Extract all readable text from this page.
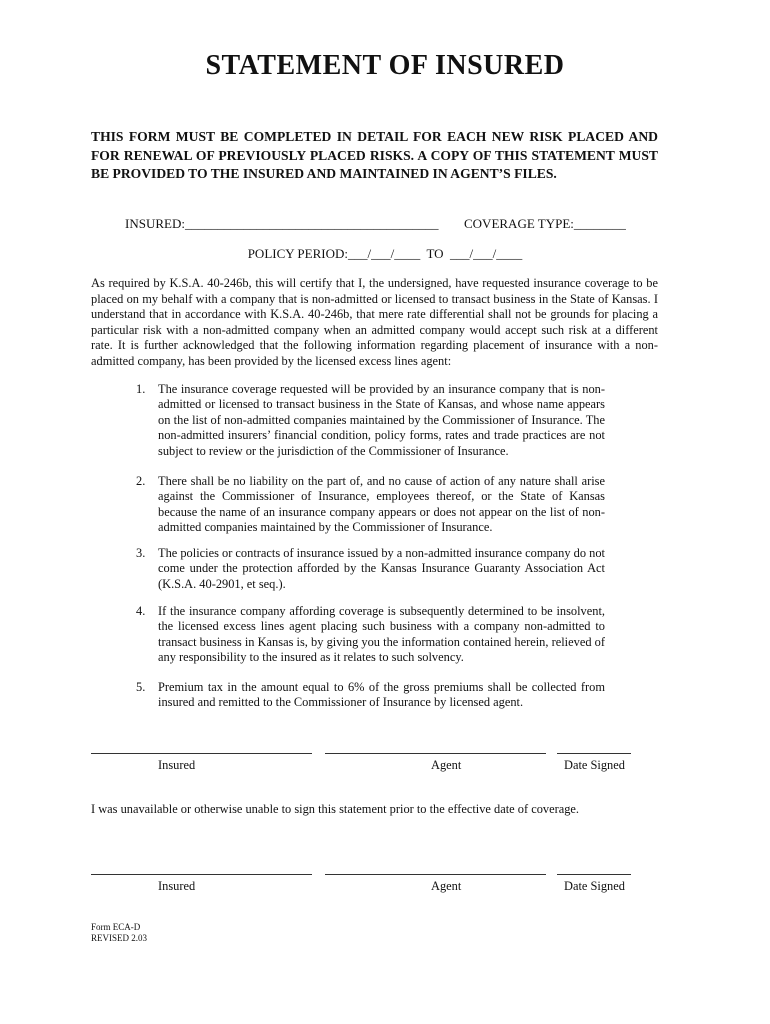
STATEMENT OF INSURED
THIS FORM MUST BE COMPLETED IN DETAIL FOR EACH NEW RISK PLACED AND FOR RENEWAL OF PREVIOUSLY PLACED RISKS. A COPY OF THIS STATEMENT MUST BE PROVIDED TO THE INSURED AND MAINTAINED IN AGENT’S FILES.
INSURED:_______________________________________ COVERAGE TYPE:________
POLICY PERIOD:___/___/____  TO  ___/___/____
As required by K.S.A. 40-246b, this will certify that I, the undersigned, have requested insurance coverage to be placed on my behalf with a company that is non-admitted or licensed to transact business in the State of Kansas. I understand that in accordance with K.S.A. 40-246b, that mere rate differential shall not be grounds for placing a particular risk with a non-admitted company when an admitted company would accept such risk at a different rate. It is further acknowledged that the following information regarding placement of insurance with a non-admitted company, has been provided by the licensed excess lines agent:
1. The insurance coverage requested will be provided by an insurance company that is non-admitted or licensed to transact business in the State of Kansas, and whose name appears on the list of non-admitted companies maintained by the Commissioner of Insurance. The non-admitted insurers’ financial condition, policy forms, rates and trade practices are not subject to review or the jurisdiction of the Commissioner of Insurance.
2. There shall be no liability on the part of, and no cause of action of any nature shall arise against the Commissioner of Insurance, employees thereof, or the State of Kansas because the name of an insurance company appears or does not appear on the list of non-admitted companies maintained by the Commissioner of Insurance.
3. The policies or contracts of insurance issued by a non-admitted insurance company do not come under the protection afforded by the Kansas Insurance Guaranty Association Act (K.S.A. 40-2901, et seq.).
4. If the insurance company affording coverage is subsequently determined to be insolvent, the licensed excess lines agent placing such business with a company non-admitted to transact business in Kansas is, by giving you the information contained herein, relieved of any responsibility to the insured as it relates to such solvency.
5. Premium tax in the amount equal to 6% of the gross premiums shall be collected from insured and remitted to the Commissioner of Insurance by licensed agent.
Insured	Agent	Date Signed
I was unavailable or otherwise unable to sign this statement prior to the effective date of coverage.
Insured	Agent	Date Signed
Form ECA-D
REVISED 2.03
